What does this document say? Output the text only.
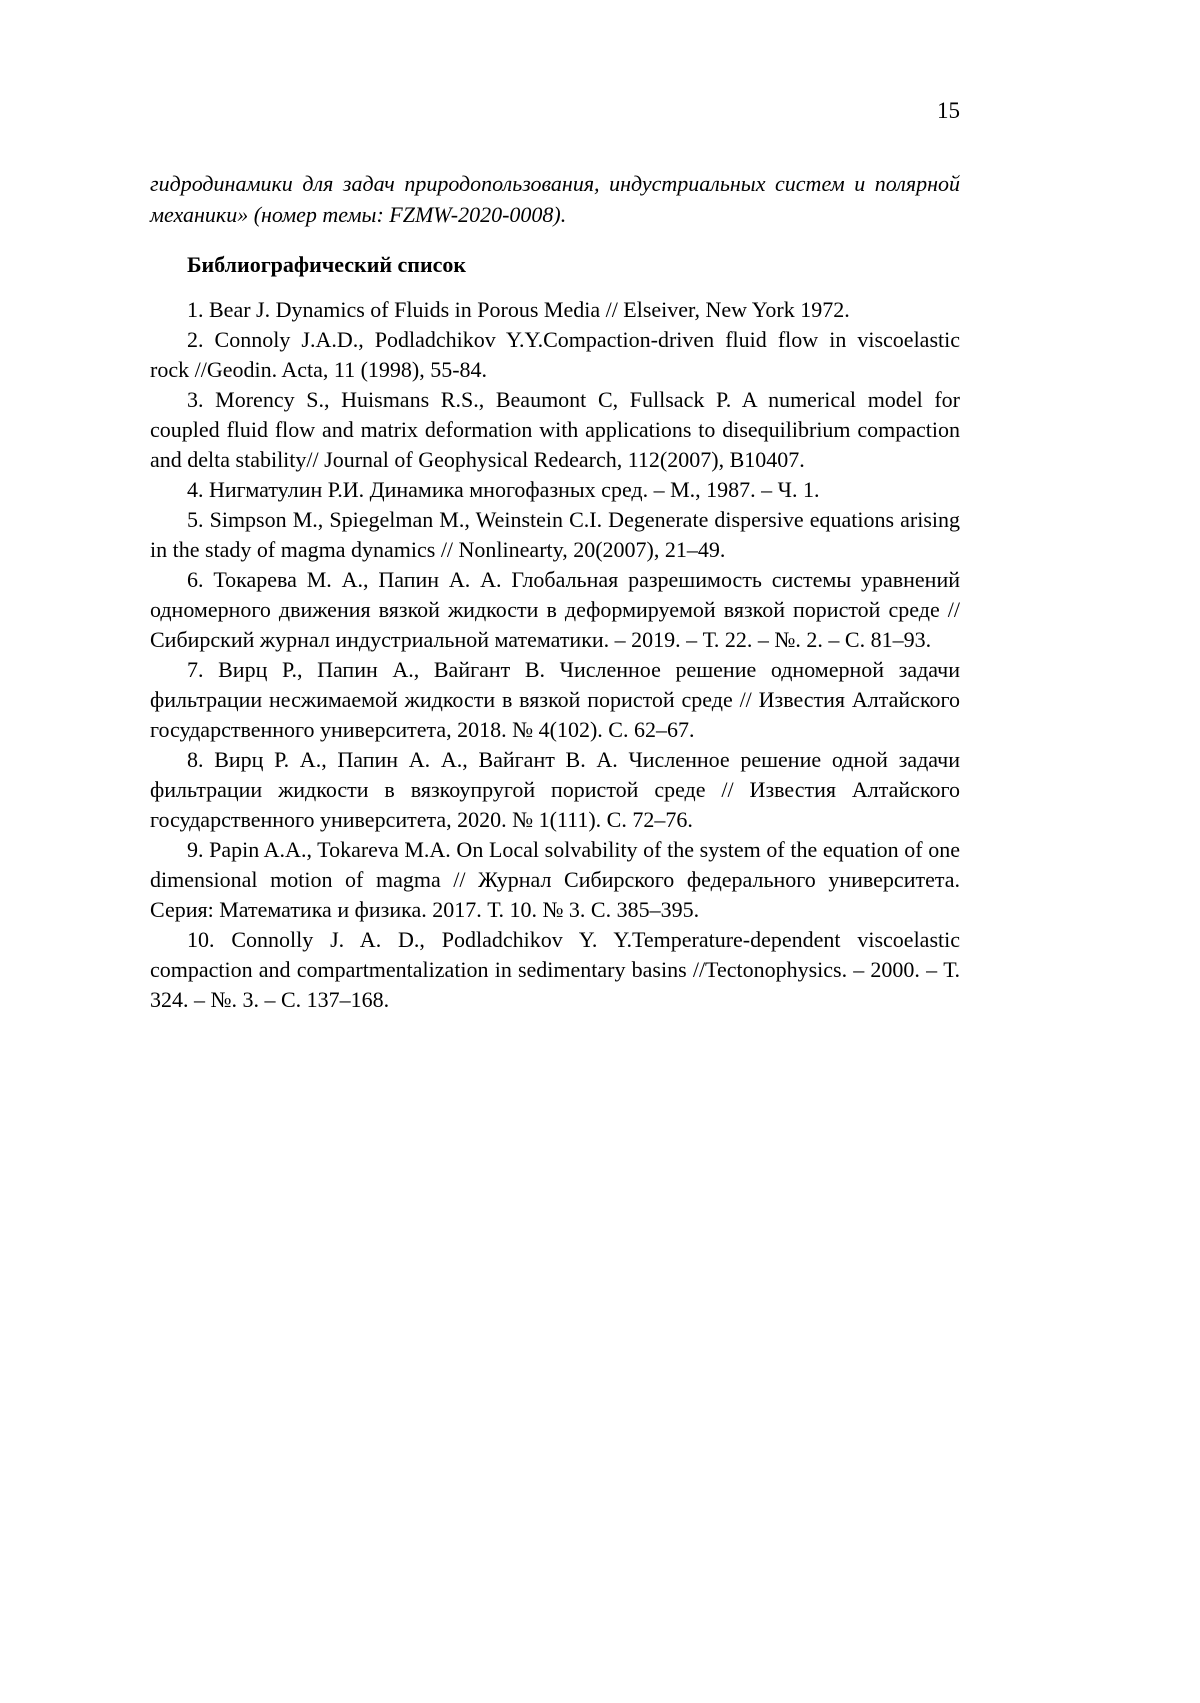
15

гидродинамики для задач природопользования, индустриальных систем и полярной механики» (номер темы: FZMW-2020-0008).

Библиографический список

1. Bear J. Dynamics of Fluids in Porous Media // Elseiver, New York 1972.

2. Connoly J.A.D., Podladchikov Y.Y.Compaction-driven fluid flow in viscoelastic rock //Geodin. Acta, 11 (1998), 55-84.

3. Morency S., Huismans R.S., Beaumont C, Fullsack P. A numerical model for coupled fluid flow and matrix deformation with applications to disequilibrium compaction and delta stability// Journal of Geophysical Redearch, 112(2007), B10407.

4. Нигматулин Р.И. Динамика многофазных сред. – М., 1987. – Ч. 1.

5. Simpson M., Spiegelman M., Weinstein C.I. Degenerate dispersive equations arising in the stady of magma dynamics // Nonlinearty, 20(2007), 21–49.

6. Токарева М. А., Папин А. А. Глобальная разрешимость системы уравнений одномерного движения вязкой жидкости в деформируемой вязкой пористой среде // Сибирский журнал индустриальной математики. – 2019. – Т. 22. – №. 2. – С. 81–93.

7. Вирц Р., Папин А., Вайгант В. Численное решение одномерной задачи фильтрации несжимаемой жидкости в вязкой пористой среде // Известия Алтайского государственного университета, 2018. № 4(102). С. 62–67.

8. Вирц Р. А., Папин А. А., Вайгант В. А. Численное решение одной задачи фильтрации жидкости в вязкоупругой пористой среде // Известия Алтайского государственного университета, 2020. № 1(111). С. 72–76.

9. Papin A.A., Tokareva M.A. On Local solvability of the system of the equation of one dimensional motion of magma // Журнал Сибирского федерального университета. Серия: Математика и физика. 2017. Т. 10. № 3. С. 385–395.

10. Connolly J. A. D., Podladchikov Y. Y.Temperature-dependent viscoelastic compaction and compartmentalization in sedimentary basins //Tectonophysics. – 2000. – Т. 324. – №. 3. – С. 137–168.
